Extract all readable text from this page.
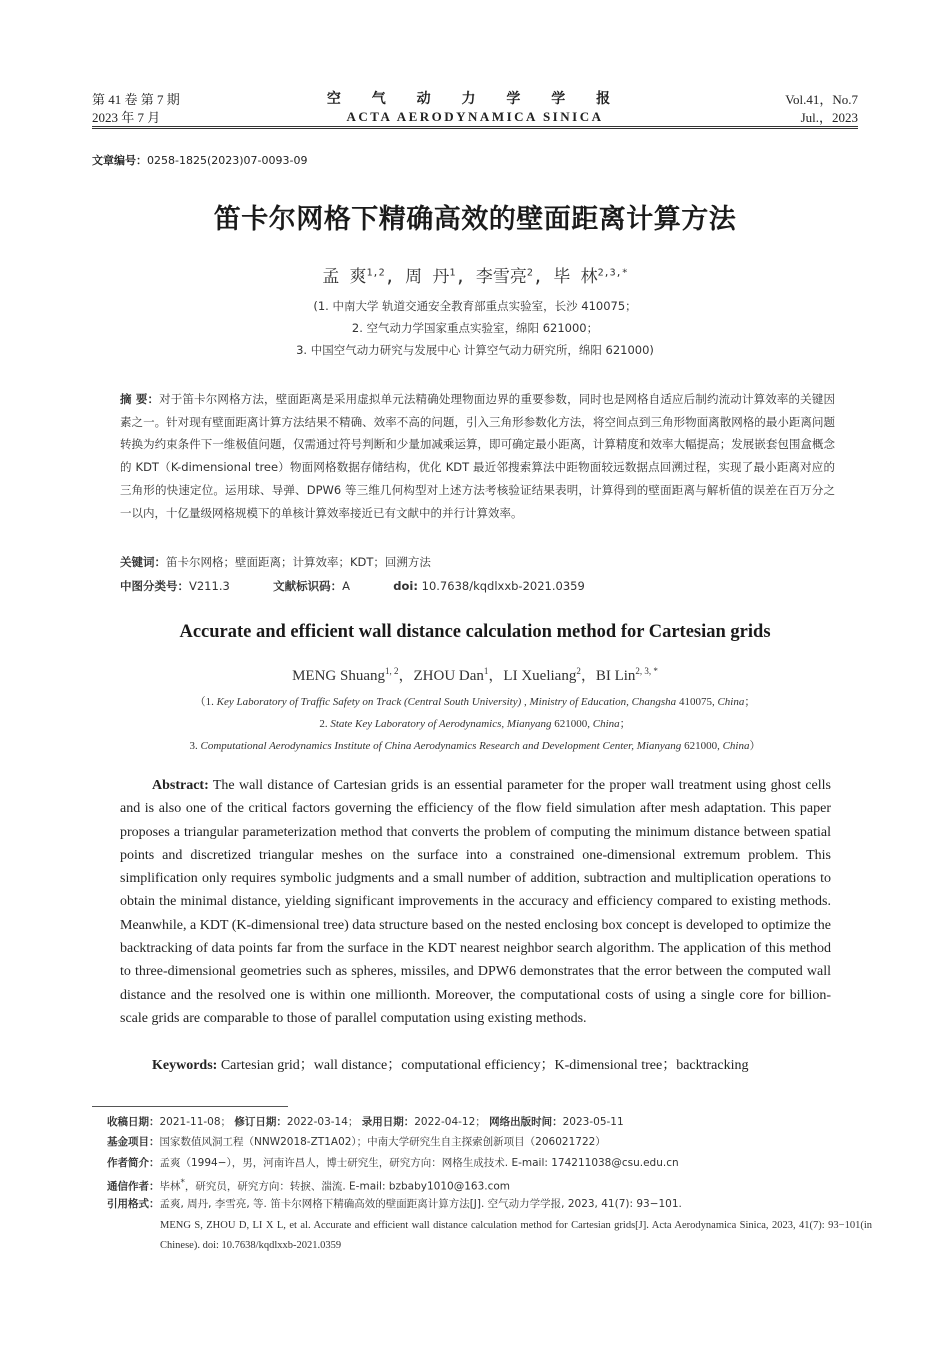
第 41 卷 第 7 期
2023 年 7 月
空 气 动 力 学 学 报
ACTA AERODYNAMICA SINICA
Vol.41，No.7
Jul.，2023
文章编号：0258-1825(2023)07-0093-09
笛卡尔网格下精确高效的壁面距离计算方法
孟 爽$^{1,2}$, 周 丹$^1$, 李雪亮$^2$, 毕 林$^{2,3,*}$
(1. 中南大学 轨道交通安全教育部重点实验室，长沙 410075；
2. 空气动力学国家重点实验室，绵阳 621000；
3. 中国空气动力研究与发展中心 计算空气动力研究所，绵阳 621000)
摘 要：对于笛卡尔网格方法，壁面距离是采用虚拟单元法精确处理物面边界的重要参数，同时也是网格自适应后制约流动计算效率的关键因素之一。针对现有壁面距离计算方法结果不精确、效率不高的问题，引入三角形参数化方法，将空间点到三角形物面离散网格的最小距离问题转换为约束条件下一维极值问题，仅需通过符号判断和少量加减乘运算，即可确定最小距离，计算精度和效率大幅提高；发展嵌套包围盒概念的 KDT（K-dimensional tree）物面网格数据存储结构，优化 KDT 最近邻搜索算法中距物面较远数据点回溯过程，实现了最小距离对应的三角形的快速定位。运用球、导弹、DPW6 等三维几何构型对上述方法考核验证结果表明，计算得到的壁面距离与解析值的误差在百万分之一以内，十亿量级网格规模下的单核计算效率接近已有文献中的并行计算效率。
关键词：笛卡尔网格；壁面距离；计算效率；KDT；回溯方法
中图分类号：V211.3	文献标识码：A	doi: 10.7638/kqdlxxb-2021.0359
Accurate and efficient wall distance calculation method for Cartesian grids
MENG Shuang$^{1, 2}$，ZHOU Dan$^1$，LI Xueliang$^2$，BI Lin$^{2, 3, *}$
（1. Key Laboratory of Traffic Safety on Track (Central South University) , Ministry of Education, Changsha 410075, China；
2. State Key Laboratory of Aerodynamics, Mianyang 621000, China；
3. Computational Aerodynamics Institute of China Aerodynamics Research and Development Center, Mianyang 621000, China）
Abstract: The wall distance of Cartesian grids is an essential parameter for the proper wall treatment using ghost cells and is also one of the critical factors governing the efficiency of the flow field simulation after mesh adaptation. This paper proposes a triangular parameterization method that converts the problem of computing the minimum distance between spatial points and discretized triangular meshes on the surface into a constrained one-dimensional extremum problem. This simplification only requires symbolic judgments and a small number of addition, subtraction and multiplication operations to obtain the minimal distance, yielding significant improvements in the accuracy and efficiency compared to existing methods. Meanwhile, a KDT (K-dimensional tree) data structure based on the nested enclosing box concept is developed to optimize the backtracking of data points far from the surface in the KDT nearest neighbor search algorithm. The application of this method to three-dimensional geometries such as spheres, missiles, and DPW6 demonstrates that the error between the computed wall distance and the resolved one is within one millionth. Moreover, the computational costs of using a single core for billion-scale grids are comparable to those of parallel computation using existing methods.
Keywords: Cartesian grid；wall distance；computational efficiency；K-dimensional tree；backtracking
收稿日期：2021-11-08； 修订日期：2022-03-14； 录用日期：2022-04-12； 网络出版时间：2023-05-11
基金项目：国家数值风洞工程（NNW2018-ZT1A02）；中南大学研究生自主探索创新项目（206021722）
作者简介：孟爽（1994−），男，河南许昌人，博士研究生，研究方向：网格生成技术. E-mail: 174211038@csu.edu.cn
通信作者：毕林*，研究员，研究方向：转捩、湍流. E-mail: bzbaby1010@163.com
引用格式：孟爽, 周丹, 李雪亮, 等. 笛卡尔网格下精确高效的壁面距离计算方法[J]. 空气动力学学报, 2023, 41(7): 93−101.
MENG S, ZHOU D, LI X L, et al. Accurate and efficient wall distance calculation method for Cartesian grids[J]. Acta Aerodynamica Sinica, 2023, 41(7): 93−101(in Chinese). doi: 10.7638/kqdlxxb-2021.0359
